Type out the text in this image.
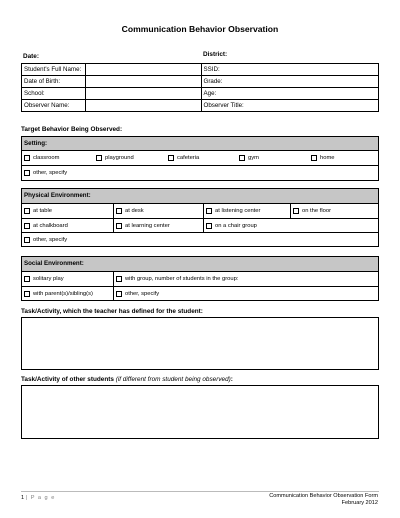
Communication Behavior Observation
Date:	District:
Student's Full Name:		SSID:
Date of Birth:		Grade:
School:		Age:
Observer Name:		Observer Title:
Target Behavior Being Observed:
Setting:
classroom	playground	cafeteria	gym	home
other, specify
Physical Environment:
at table	at desk	at listening center	on the floor
at chalkboard	at learning center	on a chair group
other, specify
Social Environment:
solitary play	with group, number of students in the group:
with parent(s)/sibling(s)	other, specify
Task/Activity, which the teacher has defined for the student:
Task/Activity of other students (if different from student being observed):
1 | P a g e	Communication Behavior Observation Form
February 2012
